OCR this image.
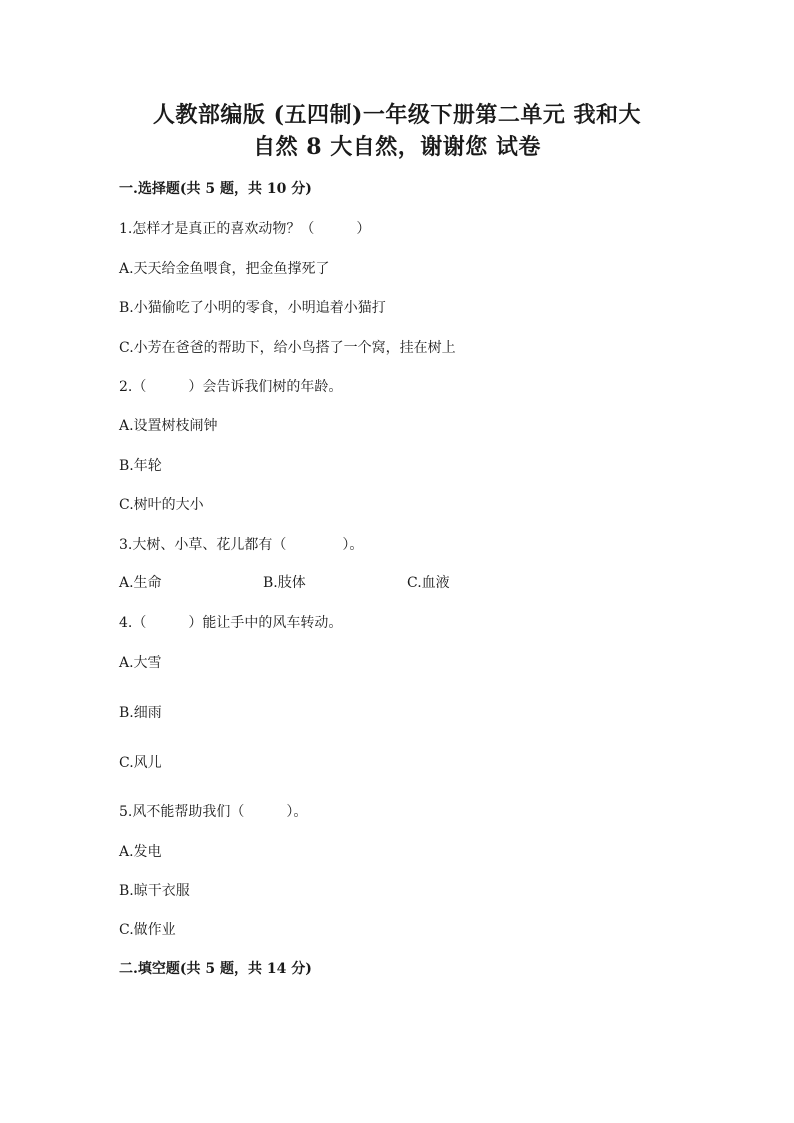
人教部编版 (五四制)一年级下册第二单元 我和大
自然 8 大自然，谢谢您 试卷
一.选择题(共 5 题，共 10 分)
1.怎样才是真正的喜欢动物？（　　　）
A.天天给金鱼喂食，把金鱼撑死了
B.小猫偷吃了小明的零食，小明追着小猫打
C.小芳在爸爸的帮助下，给小鸟搭了一个窝，挂在树上
2.（　　　）会告诉我们树的年龄。
A.设置树枝闹钟
B.年轮
C.树叶的大小
3.大树、小草、花儿都有（　　　　）。
A.生命	B.肢体	C.血液
4.（　　　）能让手中的风车转动。
A.大雪
B.细雨
C.风儿
5.风不能帮助我们（　　　）。
A.发电
B.晾干衣服
C.做作业
二.填空题(共 5 题，共 14 分)
